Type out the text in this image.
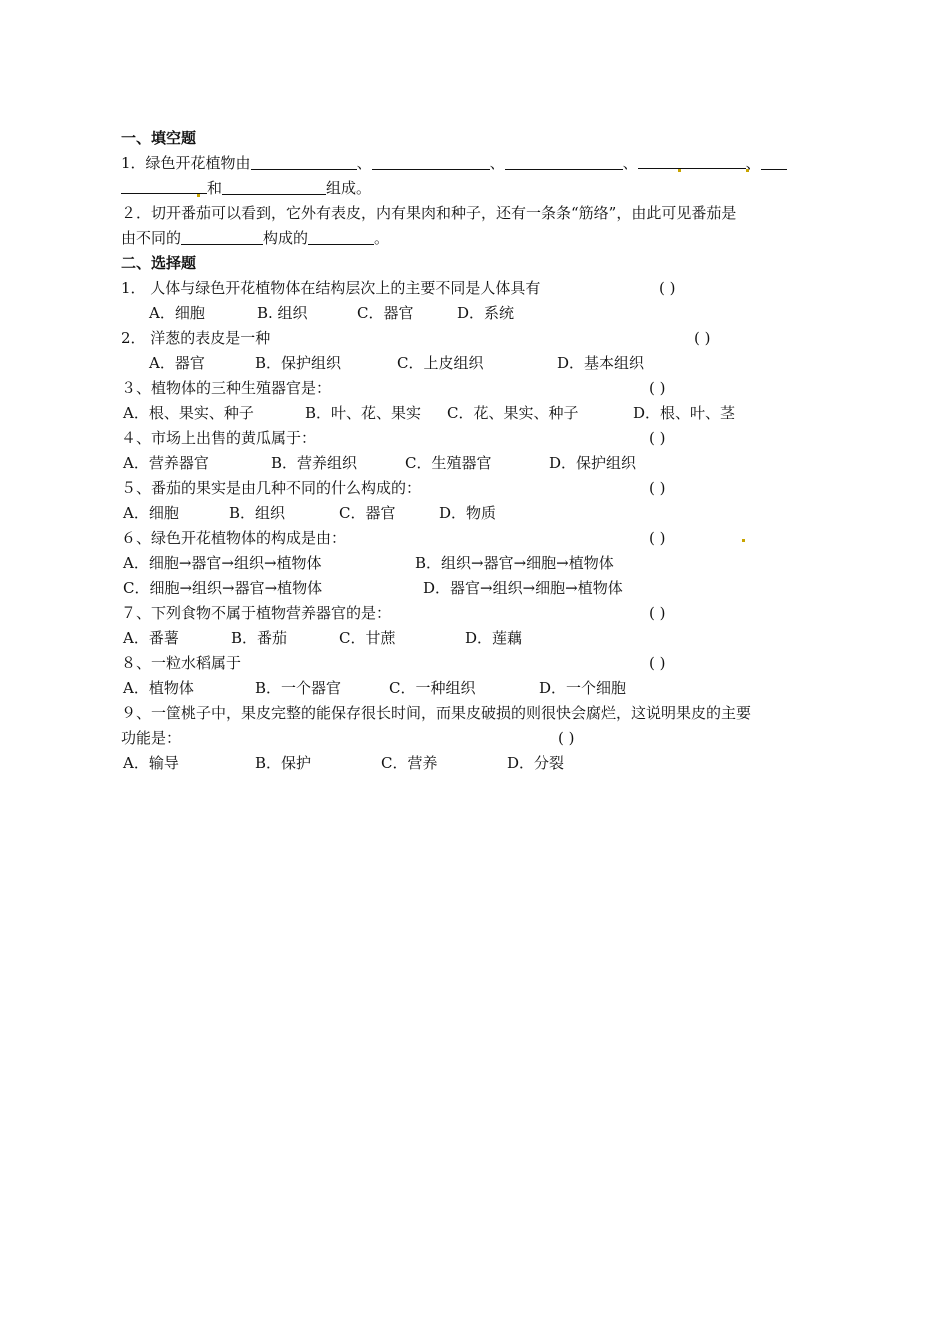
一、填空题
1．绿色开花植物由	、	、	、	、
和	组成。
２．切开番茄可以看到，它外有表皮，内有果肉和种子，还有一条条“筋络”，由此可见番茄是
由不同的	构成的	。
二、选择题
1． 人体与绿色开花植物体在结构层次上的主要不同是人体具有	( )
A．细胞	B. 组织	C．器官	D．系统
2． 洋葱的表皮是一种	( )
A．器官	B．保护组织	C．上皮组织	D．基本组织
３、植物体的三种生殖器官是：	( )
A．根、果实、种子	B．叶、花、果实 C．花、果实、种子	D．根、叶、茎
４、市场上出售的黄瓜属于：	( )
A．营养器官	B．营养组织	C．生殖器官	D．保护组织
５、番茄的果实是由几种不同的什么构成的：	( )
A．细胞	B．组织	C．器官	D．物质
６、绿色开花植物体的构成是由：	( )
A．细胞→器官→组织→植物体	B．组织→器官→细胞→植物体
C．细胞→组织→器官→植物体	D．器官→组织→细胞→植物体
７、下列食物不属于植物营养器官的是：	( )
A．番薯	B．番茄	C．甘蔗	D．莲藕
８、一粒水稻属于	( )
A．植物体	B．一个器官	C．一种组织	D．一个细胞
９、一筐桃子中，果皮完整的能保存很长时间，而果皮破损的则很快会腐烂，这说明果皮的主要
功能是：	( )
A．输导	B．保护	C．营养	D．分裂
